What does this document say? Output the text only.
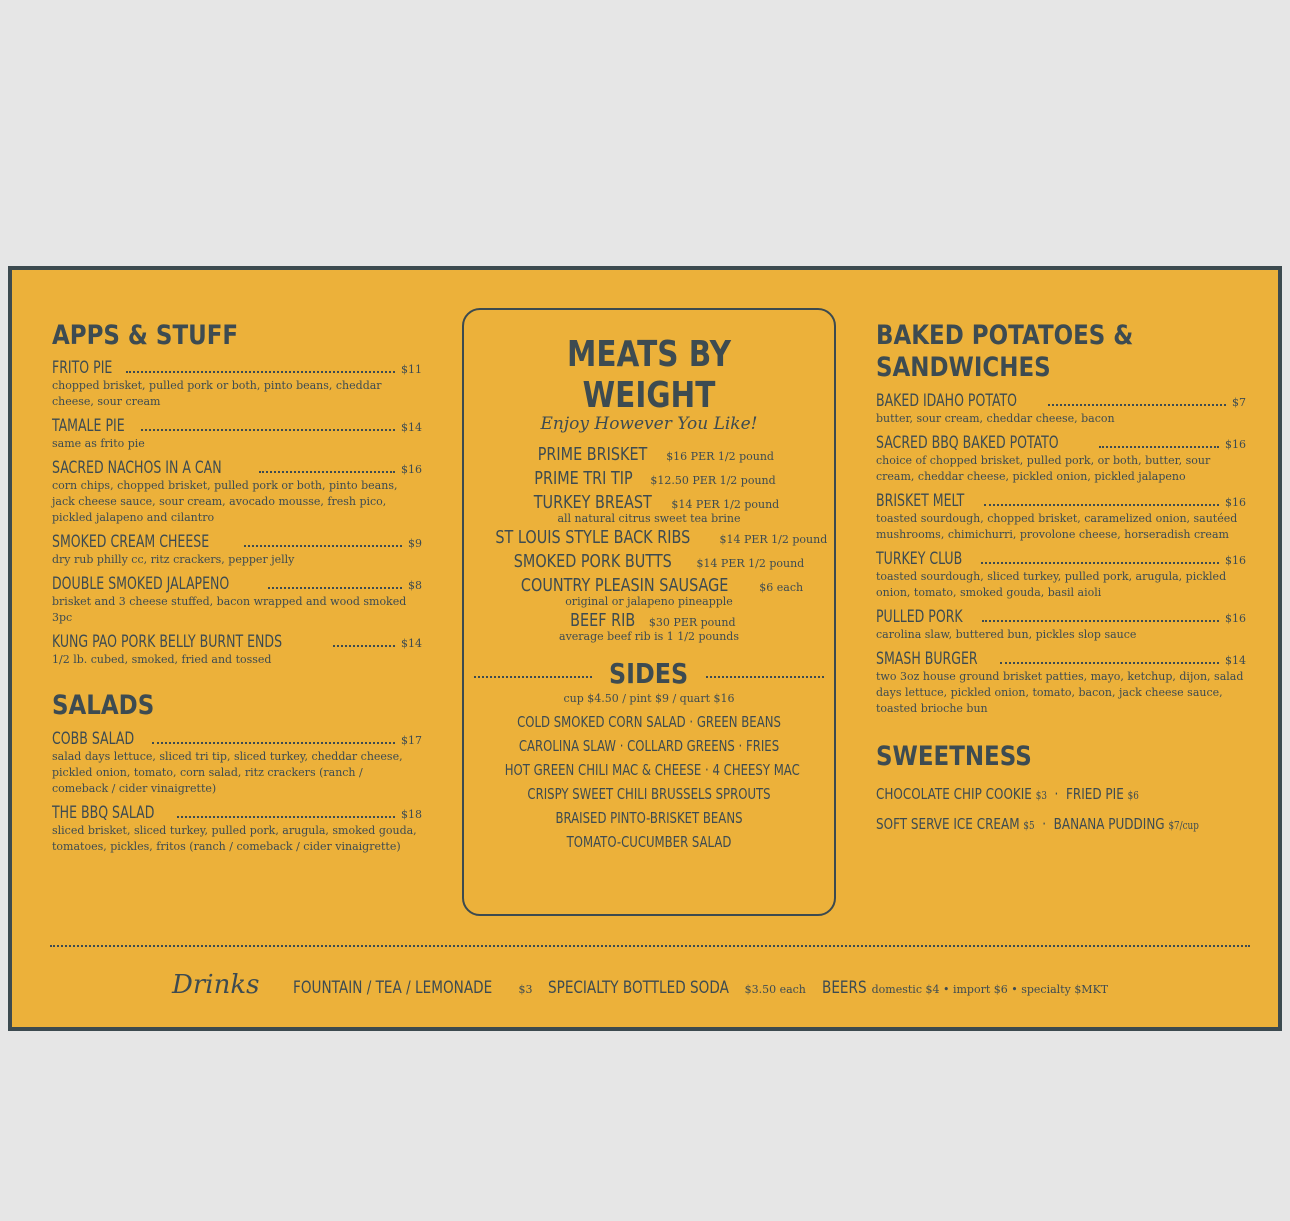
APPS & STUFF
FRITO PIE	$11
chopped brisket, pulled pork or both, pinto beans, cheddar cheese, sour cream
TAMALE PIE	$14
same as frito pie
SACRED NACHOS IN A CAN	$16
corn chips, chopped brisket, pulled pork or both, pinto beans, jack cheese sauce, sour cream, avocado mousse, fresh pico, pickled jalapeno and cilantro
SMOKED CREAM CHEESE	$9
dry rub philly cc, ritz crackers, pepper jelly
DOUBLE SMOKED JALAPENO	$8
brisket and 3 cheese stuffed, bacon wrapped and wood smoked 3pc
KUNG PAO PORK BELLY BURNT ENDS	$14
1/2 lb. cubed, smoked, fried and tossed
SALADS
COBB SALAD	$17
salad days lettuce, sliced tri tip, sliced turkey, cheddar cheese, pickled onion, tomato, corn salad, ritz crackers (ranch / comeback / cider vinaigrette)
THE BBQ SALAD	$18
sliced brisket, sliced turkey, pulled pork, arugula, smoked gouda, tomatoes, pickles, fritos (ranch / comeback / cider vinaigrette)
MEATS BY WEIGHT
Enjoy However You Like!
PRIME BRISKET $16 PER 1/2 pound
PRIME TRI TIP $12.50 PER 1/2 pound
TURKEY BREAST $14 PER 1/2 pound
all natural citrus sweet tea brine
ST LOUIS STYLE BACK RIBS	$14 PER 1/2 pound
SMOKED PORK BUTTS $14 PER 1/2 pound
COUNTRY PLEASIN SAUSAGE	$6 each
original or jalapeno pineapple
BEEF RIB $30 PER pound
average beef rib is 1 1/2 pounds
SIDES
cup $4.50 / pint $9 / quart $16
COLD SMOKED CORN SALAD · GREEN BEANS
CAROLINA SLAW · COLLARD GREENS · FRIES
HOT GREEN CHILI MAC & CHEESE · 4 CHEESY MAC
CRISPY SWEET CHILI BRUSSELS SPROUTS
BRAISED PINTO-BRISKET BEANS
TOMATO-CUCUMBER SALAD
BAKED POTATOES &
SANDWICHES
BAKED IDAHO POTATO	$7
butter, sour cream, cheddar cheese, bacon
SACRED BBQ BAKED POTATO	$16
choice of chopped brisket, pulled pork, or both, butter, sour cream, cheddar cheese, pickled onion, pickled jalapeno
BRISKET MELT	$16
toasted sourdough, chopped brisket, caramelized onion, sautéed mushrooms, chimichurri, provolone cheese, horseradish cream
TURKEY CLUB	$16
toasted sourdough, sliced turkey, pulled pork, arugula, pickled onion, tomato, smoked gouda, basil aioli
PULLED PORK	$16
carolina slaw, buttered bun, pickles slop sauce
SMASH BURGER	$14
two 3oz house ground brisket patties, mayo, ketchup, dijon, salad days lettuce, pickled onion, tomato, bacon, jack cheese sauce, toasted brioche bun
SWEETNESS
CHOCOLATE CHIP COOKIE $3  ·  FRIED PIE $6
SOFT SERVE ICE CREAM $5  ·  BANANA PUDDING $7/cup
Drinks FOUNTAIN / TEA / LEMONADE $3 SPECIALTY BOTTLED SODA $3.50 each BEERS domestic $4 • import $6 • specialty $MKT
